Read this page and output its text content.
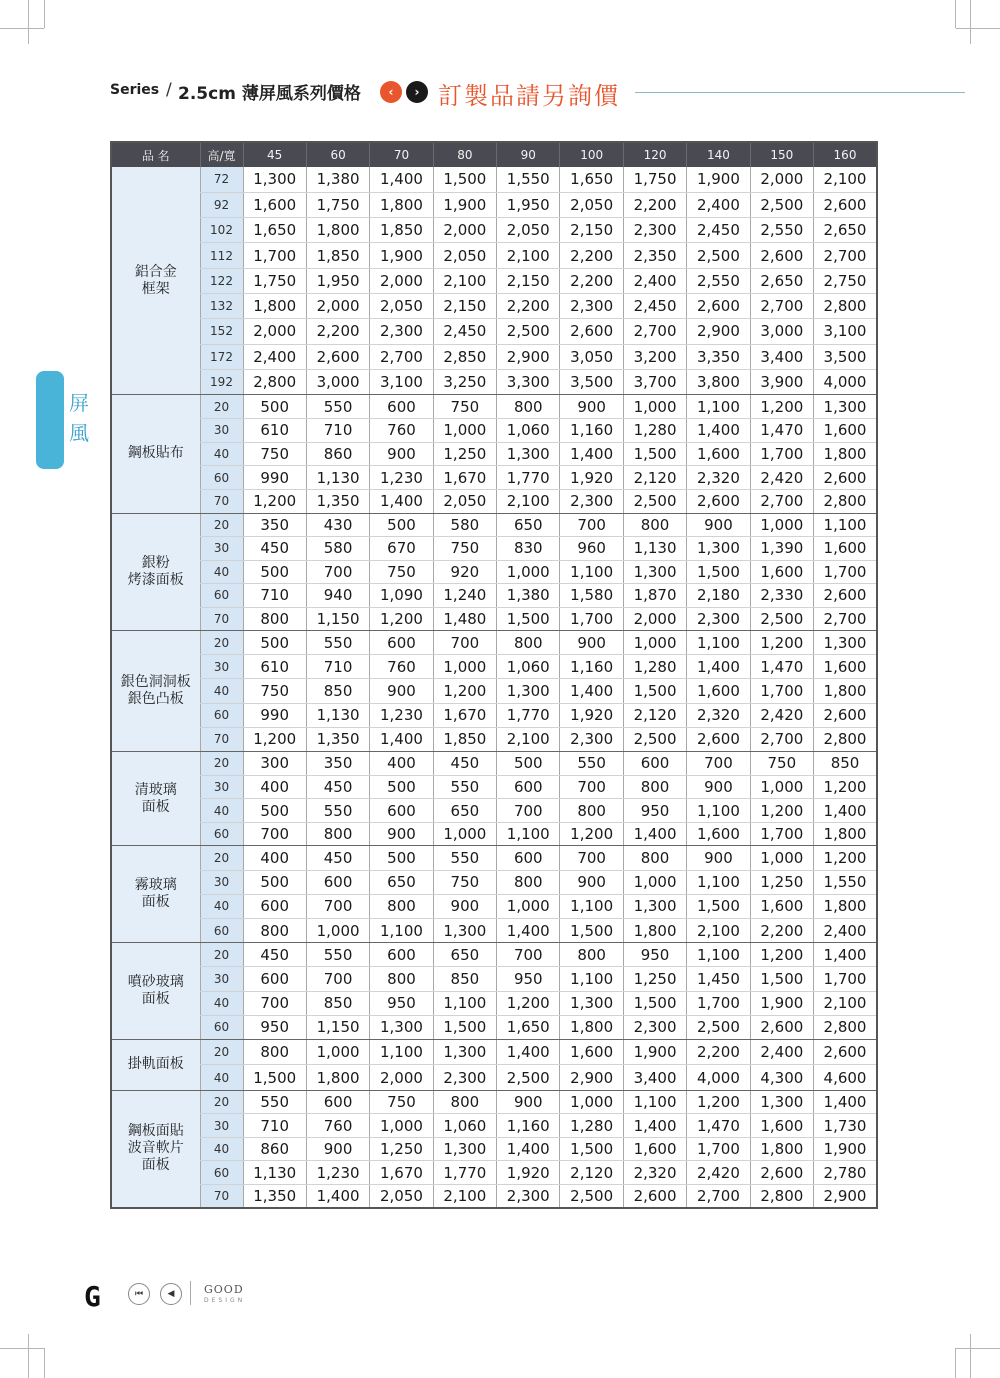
Series / 2.5cm 薄屏風系列價格	‹	› 訂製品請另詢價
屏風
品 名	高/寬	45	60	70	80	90	100	120	140	150	160

鋁合金
框架	72	1,300	1,380	1,400	1,500	1,550	1,650	1,750	1,900	2,000	2,100
	92	1,600	1,750	1,800	1,900	1,950	2,050	2,200	2,400	2,500	2,600
	102	1,650	1,800	1,850	2,000	2,050	2,150	2,300	2,450	2,550	2,650
	112	1,700	1,850	1,900	2,050	2,100	2,200	2,350	2,500	2,600	2,700
	122	1,750	1,950	2,000	2,100	2,150	2,200	2,400	2,550	2,650	2,750
	132	1,800	2,000	2,050	2,150	2,200	2,300	2,450	2,600	2,700	2,800
	152	2,000	2,200	2,300	2,450	2,500	2,600	2,700	2,900	3,000	3,100
	172	2,400	2,600	2,700	2,850	2,900	3,050	3,200	3,350	3,400	3,500
	192	2,800	3,000	3,100	3,250	3,300	3,500	3,700	3,800	3,900	4,000

鋼板貼布	20	500	550	600	750	800	900	1,000	1,100	1,200	1,300
	30	610	710	760	1,000	1,060	1,160	1,280	1,400	1,470	1,600
	40	750	860	900	1,250	1,300	1,400	1,500	1,600	1,700	1,800
	60	990	1,130	1,230	1,670	1,770	1,920	2,120	2,320	2,420	2,600
	70	1,200	1,350	1,400	2,050	2,100	2,300	2,500	2,600	2,700	2,800

銀粉
烤漆面板	20	350	430	500	580	650	700	800	900	1,000	1,100
	30	450	580	670	750	830	960	1,130	1,300	1,390	1,600
	40	500	700	750	920	1,000	1,100	1,300	1,500	1,600	1,700
	60	710	940	1,090	1,240	1,380	1,580	1,870	2,180	2,330	2,600
	70	800	1,150	1,200	1,480	1,500	1,700	2,000	2,300	2,500	2,700

銀色洞洞板
銀色凸板	20	500	550	600	700	800	900	1,000	1,100	1,200	1,300
	30	610	710	760	1,000	1,060	1,160	1,280	1,400	1,470	1,600
	40	750	850	900	1,200	1,300	1,400	1,500	1,600	1,700	1,800
	60	990	1,130	1,230	1,670	1,770	1,920	2,120	2,320	2,420	2,600
	70	1,200	1,350	1,400	1,850	2,100	2,300	2,500	2,600	2,700	2,800

清玻璃
面板	20	300	350	400	450	500	550	600	700	750	850
	30	400	450	500	550	600	700	800	900	1,000	1,200
	40	500	550	600	650	700	800	950	1,100	1,200	1,400
	60	700	800	900	1,000	1,100	1,200	1,400	1,600	1,700	1,800

霧玻璃
面板	20	400	450	500	550	600	700	800	900	1,000	1,200
	30	500	600	650	750	800	900	1,000	1,100	1,250	1,550
	40	600	700	800	900	1,000	1,100	1,300	1,500	1,600	1,800
	60	800	1,000	1,100	1,300	1,400	1,500	1,800	2,100	2,200	2,400

噴砂玻璃
面板	20	450	550	600	650	700	800	950	1,100	1,200	1,400
	30	600	700	800	850	950	1,100	1,250	1,450	1,500	1,700
	40	700	850	950	1,100	1,200	1,300	1,500	1,700	1,900	2,100
	60	950	1,150	1,300	1,500	1,650	1,800	2,300	2,500	2,600	2,800

掛軌面板	20	800	1,000	1,100	1,300	1,400	1,600	1,900	2,200	2,400	2,600
	40	1,500	1,800	2,000	2,300	2,500	2,900	3,400	4,000	4,300	4,600

鋼板面貼
波音軟片
面板	20	550	600	750	800	900	1,000	1,100	1,200	1,300	1,400
	30	710	760	1,000	1,060	1,160	1,280	1,400	1,470	1,600	1,730
	40	860	900	1,250	1,300	1,400	1,500	1,600	1,700	1,800	1,900
	60	1,130	1,230	1,670	1,770	1,920	2,120	2,320	2,420	2,600	2,780
	70	1,350	1,400	2,050	2,100	2,300	2,500	2,600	2,700	2,800	2,900
G	⏮	◀	GOOD
DESIGN
